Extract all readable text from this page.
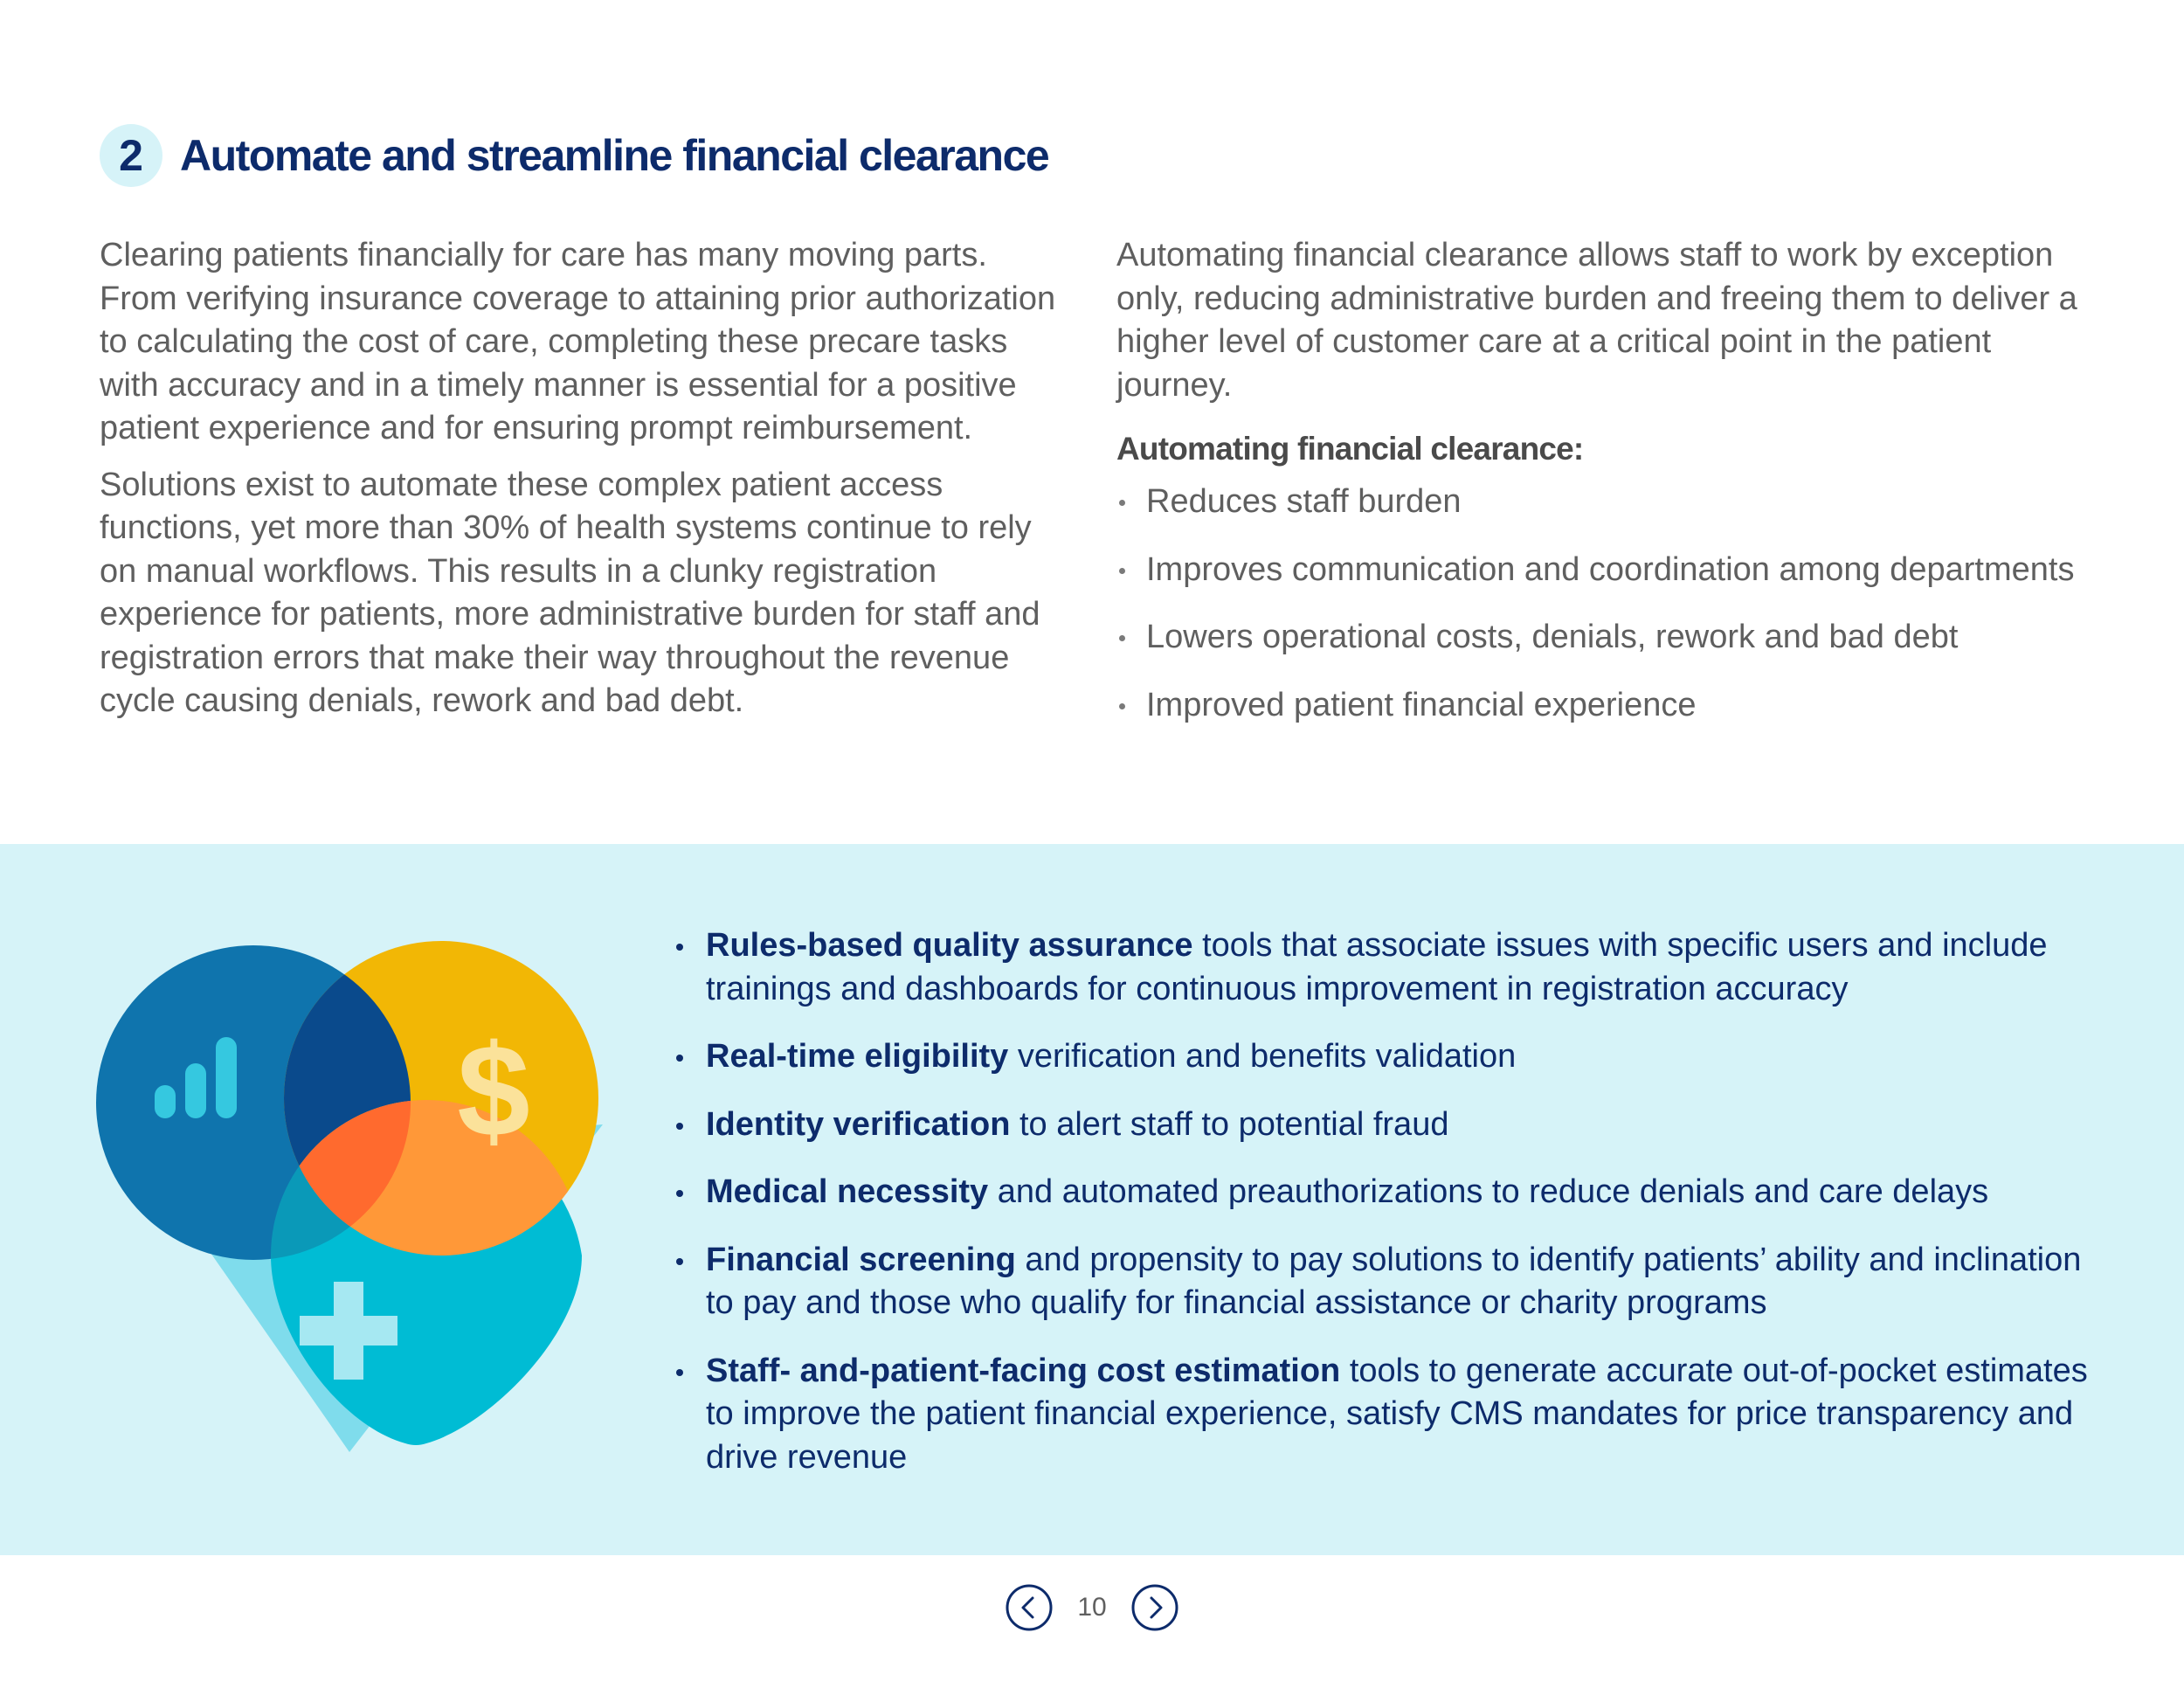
2 Automate and streamline financial clearance

Clearing patients financially for care has many moving parts. From verifying insurance coverage to attaining prior authorization to calculating the cost of care, completing these precare tasks with accuracy and in a timely manner is essential for a positive patient experience and for ensuring prompt reimbursement.

Solutions exist to automate these complex patient access functions, yet more than 30% of health systems continue to rely on manual workflows. This results in a clunky registration experience for patients, more administrative burden for staff and registration errors that make their way throughout the revenue cycle causing denials, rework and bad debt.

Automating financial clearance allows staff to work by exception only, reducing administrative burden and freeing them to deliver a higher level of customer care at a critical point in the patient journey.

Automating financial clearance:
Reduces staff burden
Improves communication and coordination among departments
Lowers operational costs, denials, rework and bad debt
Improved patient financial experience
$
Rules-based quality assurance tools that associate issues with specific users and include trainings and dashboards for continuous improvement in registration accuracy
Real-time eligibility verification and benefits validation
Identity verification to alert staff to potential fraud
Medical necessity and automated preauthorizations to reduce denials and care delays
Financial screening and propensity to pay solutions to identify patients’ ability and inclination to pay and those who qualify for financial assistance or charity programs
Staff- and-patient-facing cost estimation tools to generate accurate out-of-pocket estimates to improve the patient financial experience, satisfy CMS mandates for price transparency and drive revenue
10
